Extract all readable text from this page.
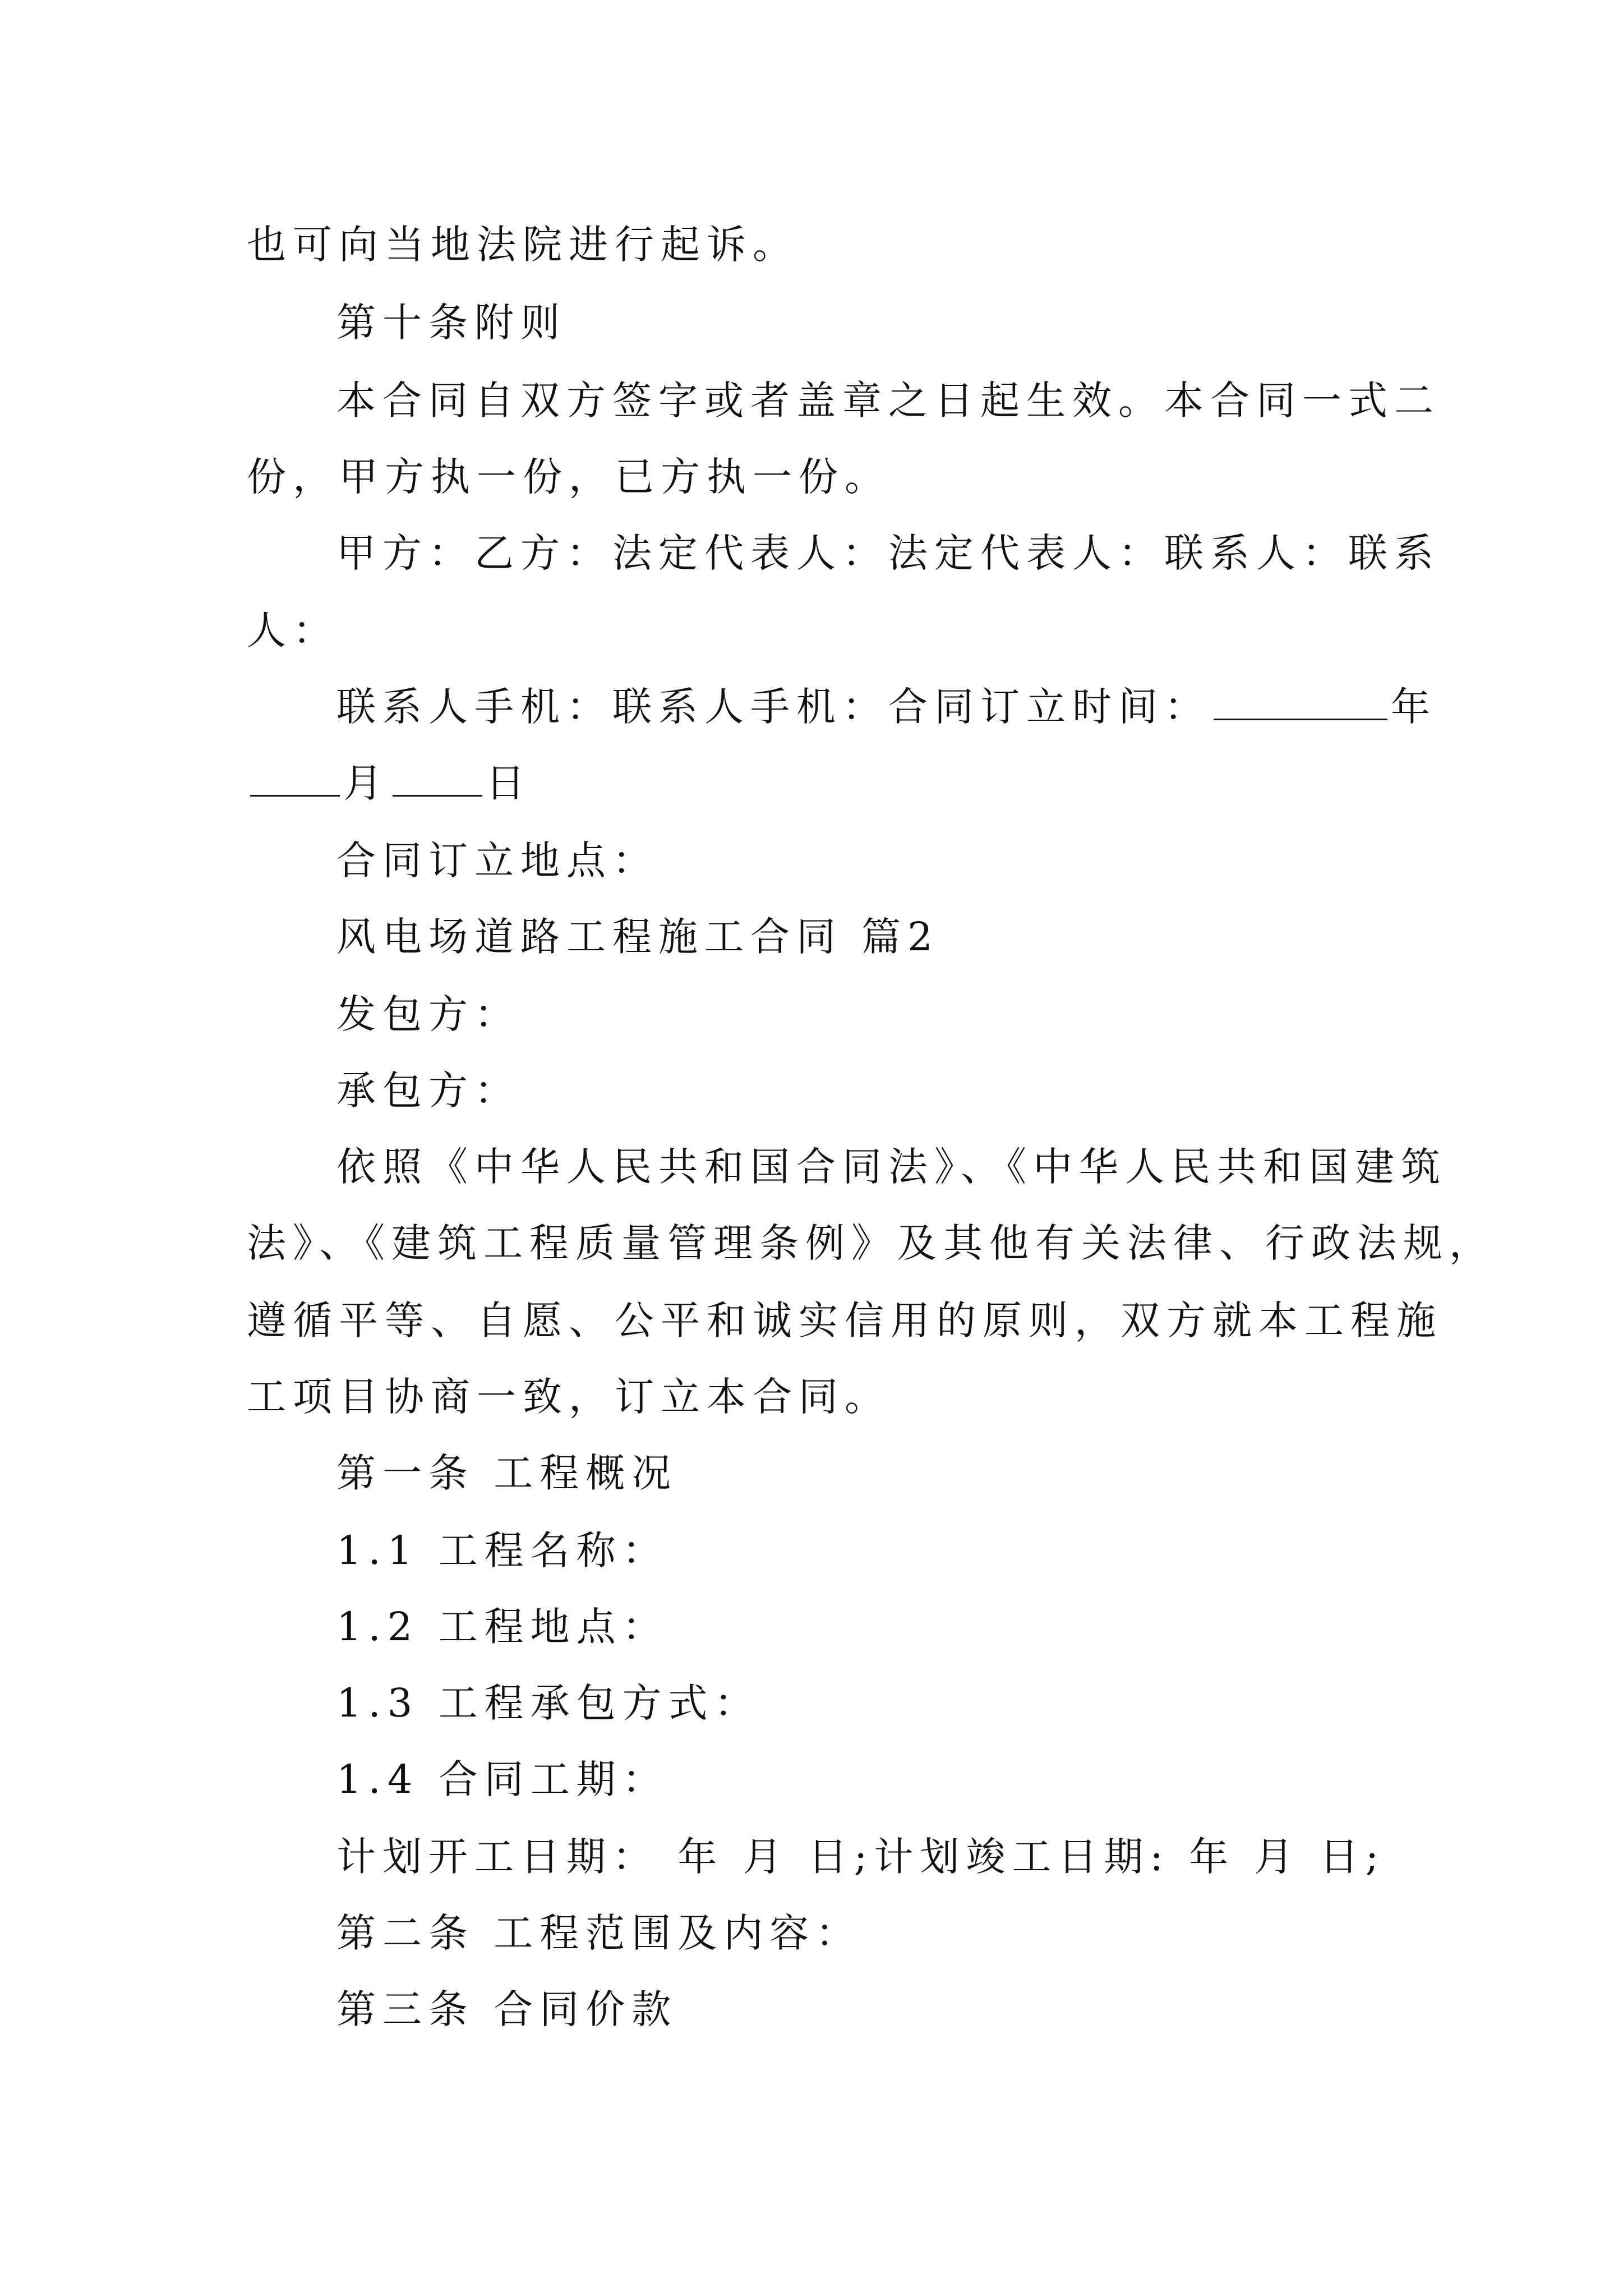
也可向当地法院进行起诉。
第十条附则
本合同自双方签字或者盖章之日起生效。本合同一式二
份，甲方执一份，已方执一份。
甲方：乙方：法定代表人：法定代表人：联系人：联系
人：
联系人手机：联系人手机：合同订立时间：	年
月 日
合同订立地点：
风电场道路工程施工合同 篇2
发包方：
承包方：
依照《中华人民共和国合同法》、《中华人民共和国建筑
法》、《建筑工程质量管理条例》及其他有关法律、行政法规，
遵循平等、自愿、公平和诚实信用的原则，双方就本工程施
工项目协商一致，订立本合同。
第一条 工程概况
1.1 工程名称：
1.2 工程地点：
1.3 工程承包方式：
1.4 合同工期：
计划开工日期： 年 月 日;计划竣工日期: 年 月 日;
第二条 工程范围及内容：
第三条 合同价款
